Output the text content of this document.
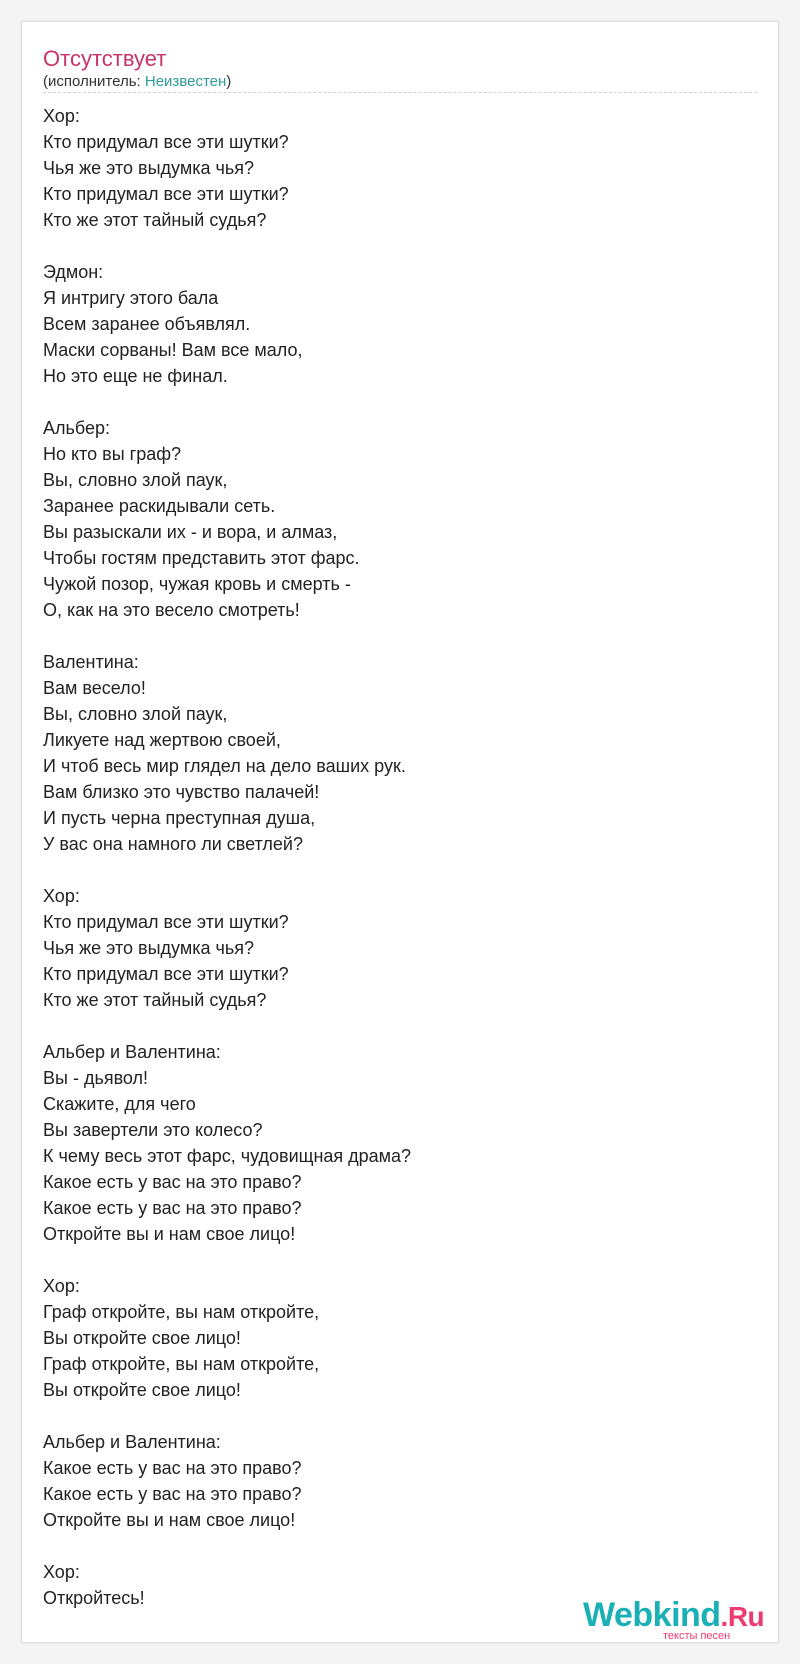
Отсутствует
(исполнитель: Неизвестен)
Хор:
Кто придумал все эти шутки?
Чья же это выдумка чья?
Кто придумал все эти шутки?
Кто же этот тайный судья?
Эдмон:
Я интригу этого бала
Всем заранее объявлял.
Маски сорваны! Вам все мало,
Но это еще не финал.
Альбер:
Но кто вы граф?
Вы, словно злой паук,
Заранее раскидывали сеть.
Вы разыскали их - и вора, и алмаз,
Чтобы гостям представить этот фарс.
Чужой позор, чужая кровь и смерть -
О, как на это весело смотреть!
Валентина:
Вам весело!
Вы, словно злой паук,
Ликуете над жертвою своей,
И чтоб весь мир глядел на дело ваших рук.
Вам близко это чувство палачей!
И пусть черна преступная душа,
У вас она намного ли светлей?
Хор:
Кто придумал все эти шутки?
Чья же это выдумка чья?
Кто придумал все эти шутки?
Кто же этот тайный судья?
Альбер и Валентина:
Вы - дьявол!
Скажите, для чего
Вы завертели это колесо?
К чему весь этот фарс, чудовищная драма?
Какое есть у вас на это право?
Какое есть у вас на это право?
Откройте вы и нам свое лицо!
Хор:
Граф откройте, вы нам откройте,
Вы откройте свое лицо!
Граф откройте, вы нам откройте,
Вы откройте свое лицо!
Альбер и Валентина:
Какое есть у вас на это право?
Какое есть у вас на это право?
Откройте вы и нам свое лицо!
Хор:
Откройтесь!	Webkind.Ru
тексты песен
